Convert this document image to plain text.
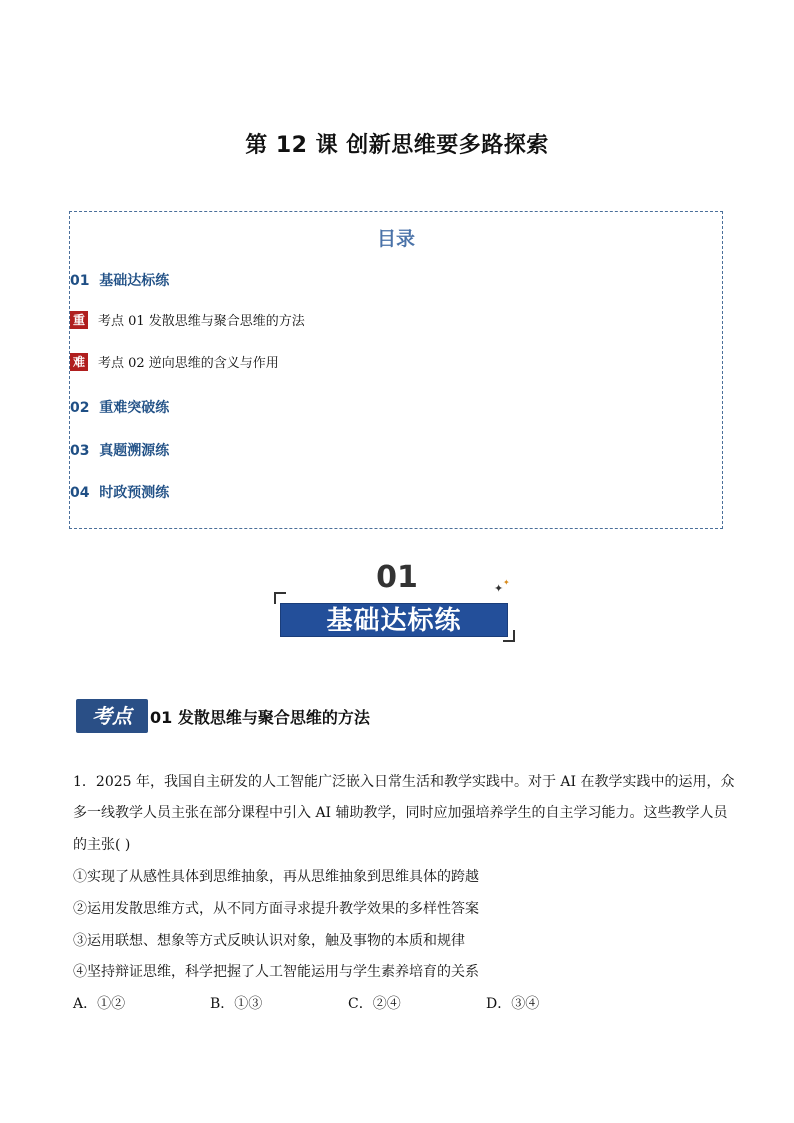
第 12 课 创新思维要多路探索
目录
01 基础达标练
重 考点 01 发散思维与聚合思维的方法
难 考点 02 逆向思维的含义与作用
02 重难突破练
03 真题溯源练
04 时政预测练
01	✦ ✦
基础达标练
考点	01 发散思维与聚合思维的方法
1．2025 年，我国自主研发的人工智能广泛嵌入日常生活和教学实践中。对于 AI 在教学实践中的运用，众
多一线教学人员主张在部分课程中引入 AI 辅助教学，同时应加强培养学生的自主学习能力。这些教学人员
的主张( )
①实现了从感性具体到思维抽象，再从思维抽象到思维具体的跨越
②运用发散思维方式，从不同方面寻求提升教学效果的多样性答案
③运用联想、想象等方式反映认识对象，触及事物的本质和规律
④坚持辩证思维，科学把握了人工智能运用与学生素养培育的关系
A．①②	B．①③	C．②④	D．③④
